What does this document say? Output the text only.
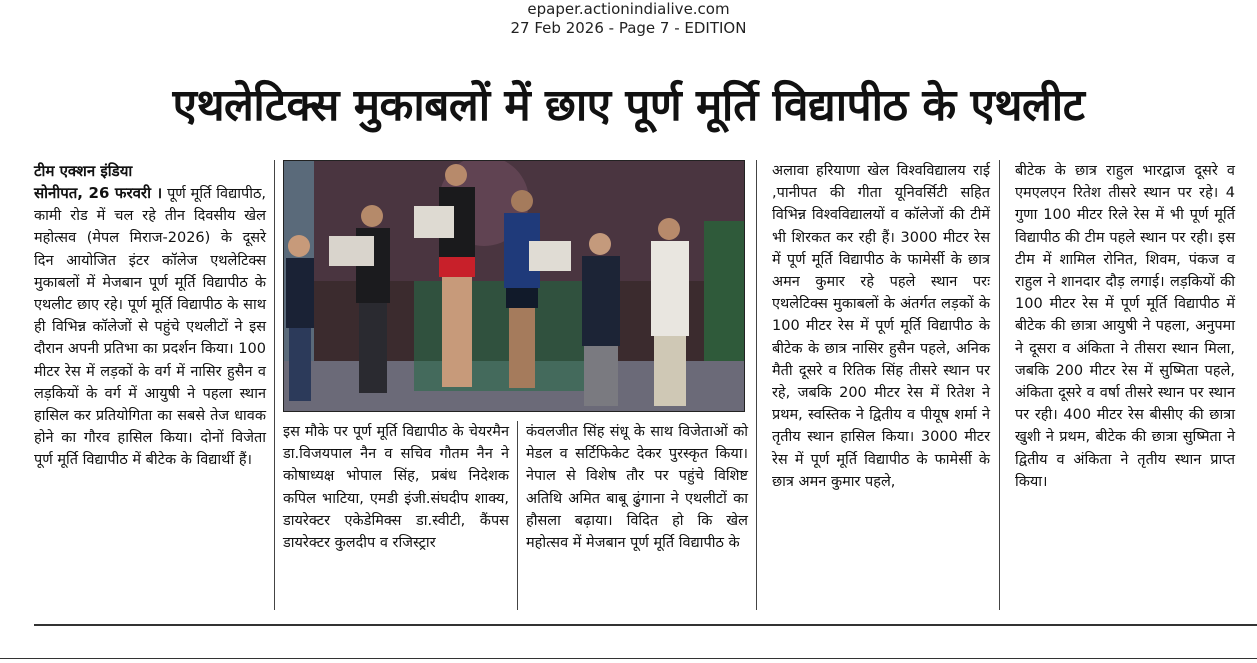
epaper.actionindialive.com
27 Feb 2026 - Page 7 - EDITION
एथलेटिक्स मुकाबलों में छाए पूर्ण मूर्ति विद्यापीठ के एथलीट

टीम एक्शन इंडिया

सोनीपत, 26 फरवरी । पूर्ण मूर्ति विद्यापीठ, कामी रोड में चल रहे तीन दिवसीय खेल महोत्सव (मेपल मिराज-2026) के दूसरे दिन आयोजित इंटर कॉलेज एथलेटिक्स मुकाबलों में मेजबान पूर्ण मूर्ति विद्यापीठ के एथलीट छाए रहे। पूर्ण मूर्ति विद्यापीठ के साथ ही विभिन्न कॉलेजों से पहुंचे एथलीटों ने इस दौरान अपनी प्रतिभा का प्रदर्शन किया। 100 मीटर रेस में लड़कों के वर्ग में नासिर हुसैन व लड़कियों के वर्ग में आयुषी ने पहला स्थान हासिल कर प्रतियोगिता का सबसे तेज धावक होने का गौरव हासिल किया। दोनों विजेता पूर्ण मूर्ति विद्यापीठ में बीटेक के विद्यार्थी हैं।

इस मौके पर पूर्ण मूर्ति विद्यापीठ के चेयरमैन डा.विजयपाल नैन व सचिव गौतम नैन ने कोषाध्यक्ष भोपाल सिंह, प्रबंध निदेशक कपिल भाटिया, एमडी इंजी.संघदीप शाक्य, डायरेक्टर एकेडेमिक्स डा.स्वीटी, कैंपस डायरेक्टर कुलदीप व रजिस्ट्रार

कंवलजीत सिंह संधू के साथ विजेताओं को मेडल व सर्टिफिकेट देकर पुरस्कृत किया। नेपाल से विशेष तौर पर पहुंचे विशिष्ट अतिथि अमित बाबू ढुंगाना ने एथलीटों का हौसला बढ़ाया। विदित हो कि खेल महोत्सव में मेजबान पूर्ण मूर्ति विद्यापीठ के

अलावा हरियाणा खेल विश्वविद्यालय राई ,पानीपत की गीता यूनिवर्सिटी सहित विभिन्न विश्वविद्यालयों व कॉलेजों की टीमें भी शिरकत कर रही हैं। 3000 मीटर रेस में पूर्ण मूर्ति विद्यापीठ के फामेर्सी के छात्र अमन कुमार रहे पहले स्थान परः एथलेटिक्स मुकाबलों के अंतर्गत लड़कों के 100 मीटर रेस में पूर्ण मूर्ति विद्यापीठ के बीटेक के छात्र नासिर हुसैन पहले, अनिक मैती दूसरे व रितिक सिंह तीसरे स्थान पर रहे, जबकि 200 मीटर रेस में रितेश ने प्रथम, स्वस्तिक ने द्वितीय व पीयूष शर्मा ने तृतीय स्थान हासिल किया। 3000 मीटर रेस में पूर्ण मूर्ति विद्यापीठ के फामेर्सी के छात्र अमन कुमार पहले,

बीटेक के छात्र राहुल भारद्वाज दूसरे व एमएलएन रितेश तीसरे स्थान पर रहे। 4 गुणा 100 मीटर रिले रेस में भी पूर्ण मूर्ति विद्यापीठ की टीम पहले स्थान पर रही। इस टीम में शामिल रोनित, शिवम, पंकज व राहुल ने शानदार दौड़ लगाई। लड़कियों की 100 मीटर रेस में पूर्ण मूर्ति विद्यापीठ में बीटेक की छात्रा आयुषी ने पहला, अनुपमा ने दूसरा व अंकिता ने तीसरा स्थान मिला, जबकि 200 मीटर रेस में सुष्मिता पहले, अंकिता दूसरे व वर्षा तीसरे स्थान पर स्थान पर रही। 400 मीटर रेस बीसीए की छात्रा खुशी ने प्रथम, बीटेक की छात्रा सुष्मिता ने द्वितीय व अंकिता ने तृतीय स्थान प्राप्त किया।
